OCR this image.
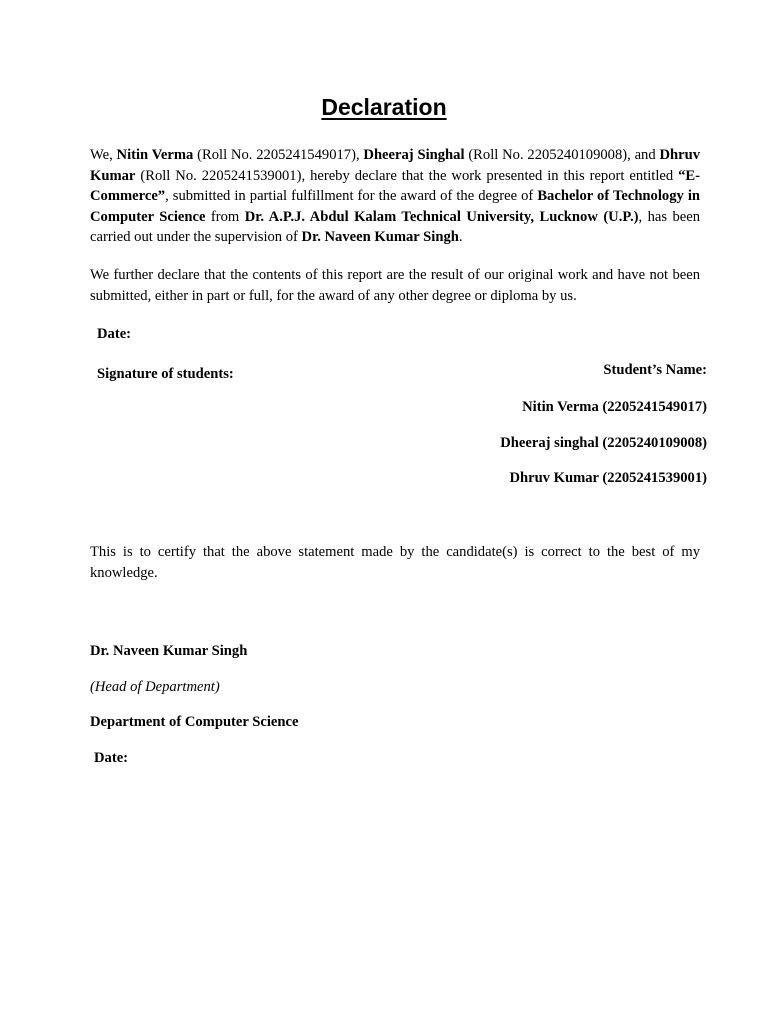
Declaration
We, Nitin Verma (Roll No. 2205241549017), Dheeraj Singhal (Roll No. 2205240109008), and Dhruv Kumar (Roll No. 2205241539001), hereby declare that the work presented in this report entitled “E-Commerce”, submitted in partial fulfillment for the award of the degree of Bachelor of Technology in Computer Science from Dr. A.P.J. Abdul Kalam Technical University, Lucknow (U.P.), has been carried out under the supervision of Dr. Naveen Kumar Singh.
We further declare that the contents of this report are the result of our original work and have not been submitted, either in part or full, for the award of any other degree or diploma by us.
Date:
Signature of students:	Student’s Name:
Nitin Verma (2205241549017)
Dheeraj singhal (2205240109008)
Dhruv Kumar (2205241539001)
This is to certify that the above statement made by the candidate(s) is correct to the best of my knowledge.
Dr. Naveen Kumar Singh
(Head of Department)
Department of Computer Science
Date:
